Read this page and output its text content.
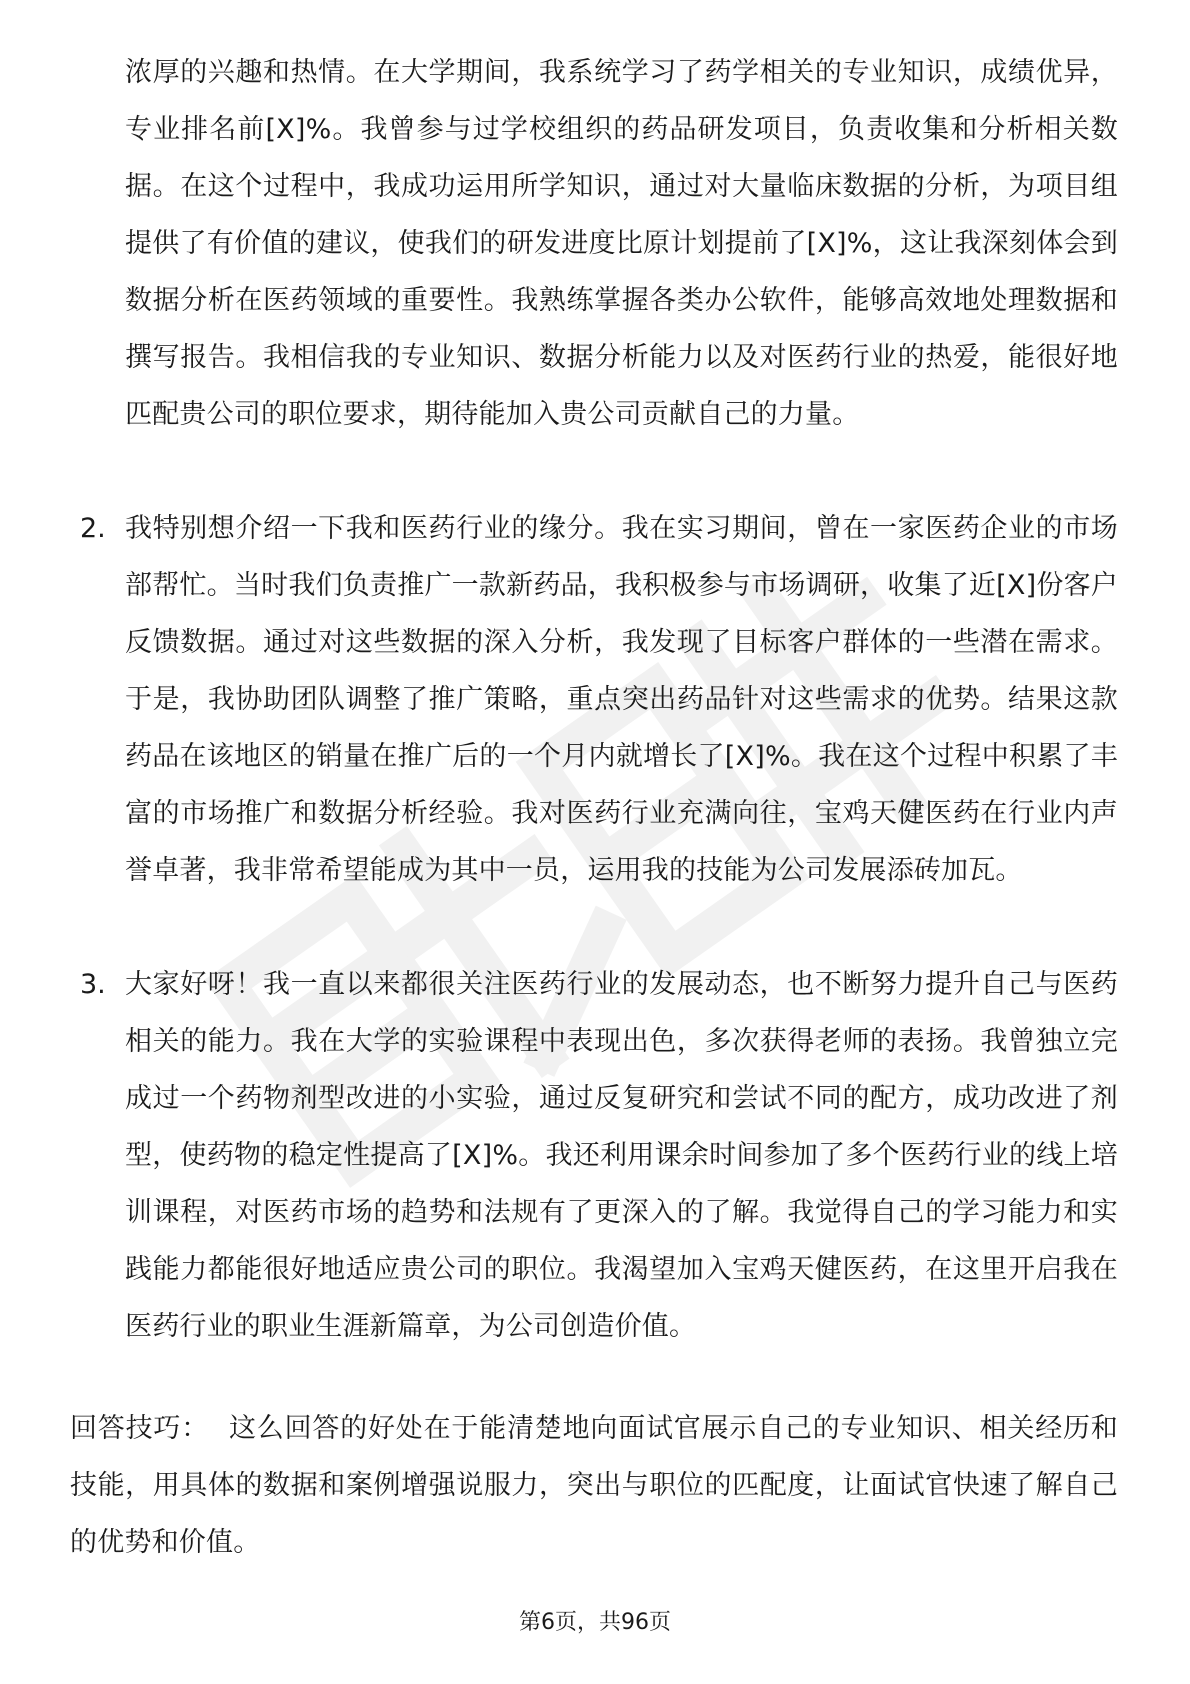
浓厚的兴趣和热情。在大学期间，我系统学习了药学相关的专业知识，成绩优异，专业排名前[X]%。我曾参与过学校组织的药品研发项目，负责收集和分析相关数据。在这个过程中，我成功运用所学知识，通过对大量临床数据的分析，为项目组提供了有价值的建议，使我们的研发进度比原计划提前了[X]%，这让我深刻体会到数据分析在医药领域的重要性。我熟练掌握各类办公软件，能够高效地处理数据和撰写报告。我相信我的专业知识、数据分析能力以及对医药行业的热爱，能很好地匹配贵公司的职位要求，期待能加入贵公司贡献自己的力量。

2. 我特别想介绍一下我和医药行业的缘分。我在实习期间，曾在一家医药企业的市场部帮忙。当时我们负责推广一款新药品，我积极参与市场调研，收集了近[X]份客户反馈数据。通过对这些数据的深入分析，我发现了目标客户群体的一些潜在需求。于是，我协助团队调整了推广策略，重点突出药品针对这些需求的优势。结果这款药品在该地区的销量在推广后的一个月内就增长了[X]%。我在这个过程中积累了丰富的市场推广和数据分析经验。我对医药行业充满向往，宝鸡天健医药在行业内声誉卓著，我非常希望能成为其中一员，运用我的技能为公司发展添砖加瓦。

3. 大家好呀！我一直以来都很关注医药行业的发展动态，也不断努力提升自己与医药相关的能力。我在大学的实验课程中表现出色，多次获得老师的表扬。我曾独立完成过一个药物剂型改进的小实验，通过反复研究和尝试不同的配方，成功改进了剂型，使药物的稳定性提高了[X]%。我还利用课余时间参加了多个医药行业的线上培训课程，对医药市场的趋势和法规有了更深入的了解。我觉得自己的学习能力和实践能力都能很好地适应贵公司的职位。我渴望加入宝鸡天健医药，在这里开启我在医药行业的职业生涯新篇章，为公司创造价值。

回答技巧： 这么回答的好处在于能清楚地向面试官展示自己的专业知识、相关经历和技能，用具体的数据和案例增强说服力，突出与职位的匹配度，让面试官快速了解自己的优势和价值。

第6页，共96页
